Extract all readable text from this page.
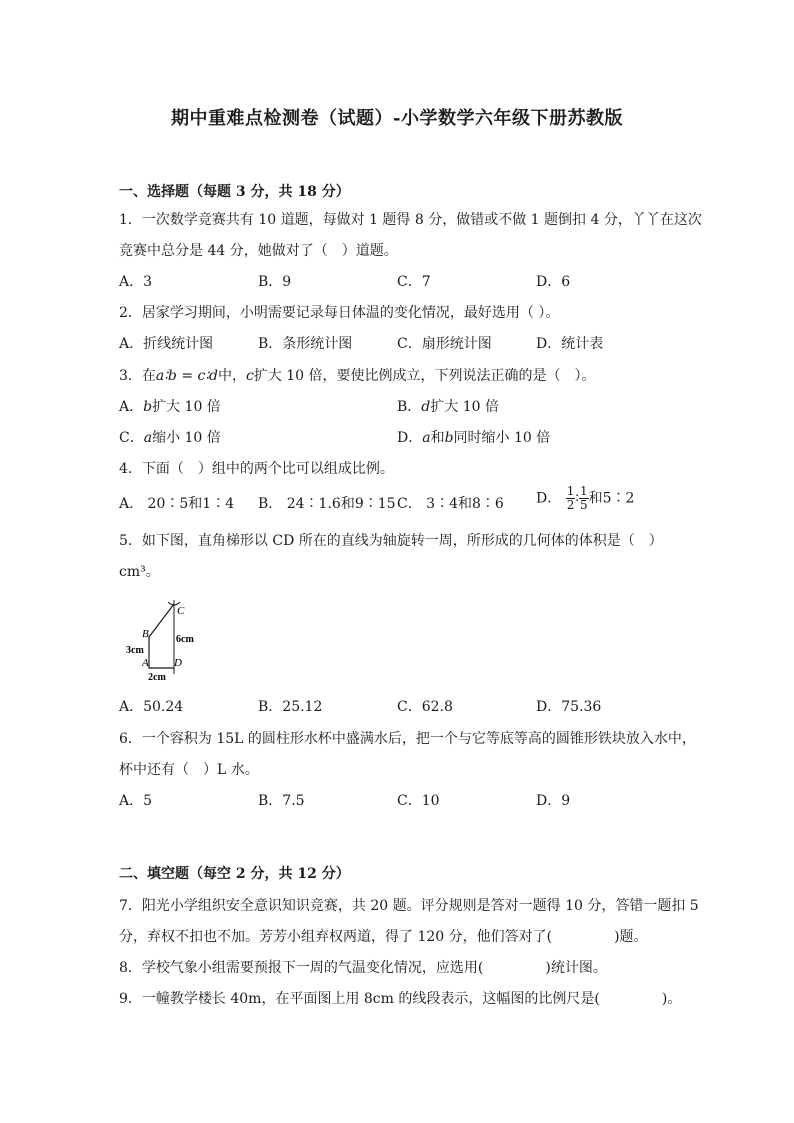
期中重难点检测卷（试题）-小学数学六年级下册苏教版
一、选择题（每题 3 分，共 18 分）
1．一次数学竞赛共有 10 道题，每做对 1 题得 8 分，做错或不做 1 题倒扣 4 分，丫丫在这次
竞赛中总分是 44 分，她做对了（　）道题。
A．3	B．9	C．7	D．6
2．居家学习期间，小明需要记录每日体温的变化情况，最好选用（ ）。
A．折线统计图	B．条形统计图	C．扇形统计图	D．统计表
3．在a∶b = c∶d中，c扩大 10 倍，要使比例成立，下列说法正确的是（　）。
A．b扩大 10 倍	B．d扩大 10 倍
C．a缩小 10 倍	D．a和b同时缩小 10 倍
4．下面（　）组中的两个比可以组成比例。
A． 20∶5和1∶4 B． 24∶1.6和9∶15 C． 3∶4和8∶6 D． $\frac{1}{2}$ ∶ $\frac{1}{5}$ 和5∶2
5．如下图，直角梯形以 CD 所在的直线为轴旋转一周，所形成的几何体的体积是（　）
cm³。
C
B
A D
3cm
6cm
2cm
A．50.24	B．25.12	C．62.8	D．75.36
6．一个容积为 15L 的圆柱形水杯中盛满水后，把一个与它等底等高的圆锥形铁块放入水中，
杯中还有（　）L 水。
A．5	B．7.5	C．10	D．9
二、填空题（每空 2 分，共 12 分）
7．阳光小学组织安全意识知识竞赛，共 20 题。评分规则是答对一题得 10 分，答错一题扣 5
分，弃权不扣也不加。芳芳小组弃权两道，得了 120 分，他们答对了(	)题。
8．学校气象小组需要预报下一周的气温变化情况，应选用(	)统计图。
9．一幢教学楼长 40m，在平面图上用 8cm 的线段表示，这幅图的比例尺是(	)。
